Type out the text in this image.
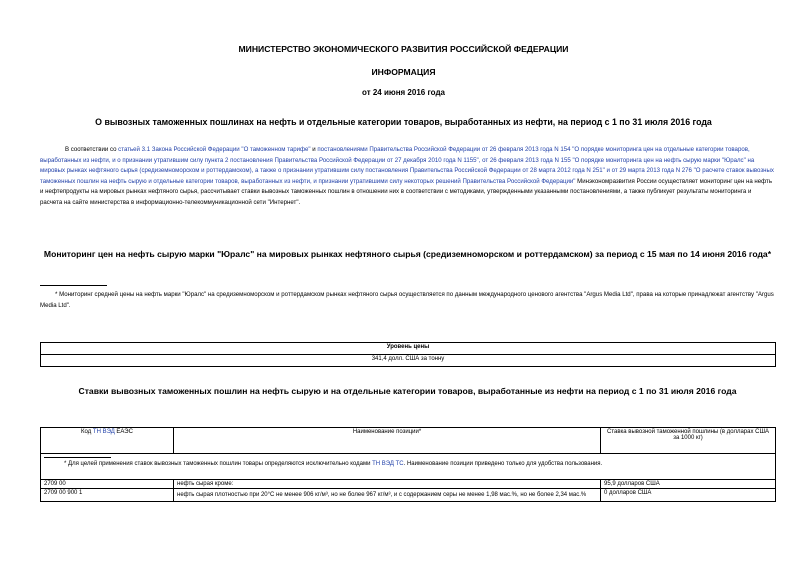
МИНИСТЕРСТВО ЭКОНОМИЧЕСКОГО РАЗВИТИЯ РОССИЙСКОЙ ФЕДЕРАЦИИ
ИНФОРМАЦИЯ
от 24 июня 2016 года
О вывозных таможенных пошлинах на нефть и отдельные категории товаров, выработанных из нефти, на период с 1 по 31 июля 2016 года

В соответствии со статьей 3.1 Закона Российской Федерации "О таможенном тарифе" и постановлениями Правительства Российской Федерации от 26 февраля 2013 года N 154 "О порядке мониторинга цен на отдельные категории товаров, выработанных из нефти, и о признании утратившим силу пункта 2 постановления Правительства Российской Федерации от 27 декабря 2010 года N 1155", от 26 февраля 2013 года N 155 "О порядке мониторинга цен на нефть сырую марки "Юралс" на мировых рынках нефтяного сырья (средиземноморском и роттердамском), а также о признании утратившим силу постановления Правительства Российской Федерации от 28 марта 2012 года N 251" и от 29 марта 2013 года N 276 "О расчете ставок вывозных таможенных пошлин на нефть сырую и отдельные категории товаров, выработанных из нефти, и признании утратившими силу некоторых решений Правительства Российской Федерации" Минэкономразвития России осуществляет мониторинг цен на нефть и нефтепродукты на мировых рынках нефтяного сырья, рассчитывает ставки вывозных таможенных пошлин в отношении них в соответствии с методиками, утвержденными указанными постановлениями, а также публикует результаты мониторинга и расчета на сайте министерства в информационно-телекоммуникационной сети "Интернет".

Мониторинг цен на нефть сырую марки "Юралс" на мировых рынках нефтяного сырья (средиземноморском и роттердамском) за период с 15 мая по 14 июня 2016 года*

* Мониторинг средней цены на нефть марки "Юралс" на средиземноморском и роттердамском рынках нефтяного сырья осуществляется по данным международного ценового агентства "Argus Media Ltd", права на которые принадлежат агентству "Argus Media Ltd".

Уровень цены
341,4 долл. США за тонну
Ставки вывозных таможенных пошлин на нефть сырую и на отдельные категории товаров, выработанные из нефти на период с 1 по 31 июля 2016 года
Код ТН ВЭД ЕАЭС	Наименование позиции*	Ставка вывозной таможенной пошлины (в долларах США за 1000 кг)

* Для целей применения ставок вывозных таможенных пошлин товары определяются исключительно кодами ТН ВЭД ТС. Наименование позиции приведено только для удобства пользования.		

2709 00	нефть сырая кроме:	95,9 долларов США
2709 00 900 1	нефть сырая плотностью при 20°С не менее 906 кг/м³, но не более 967 кг/м³, и с содержанием серы не менее 1,98 мас.%, но не более 2,34 мас.%	0 долларов США
